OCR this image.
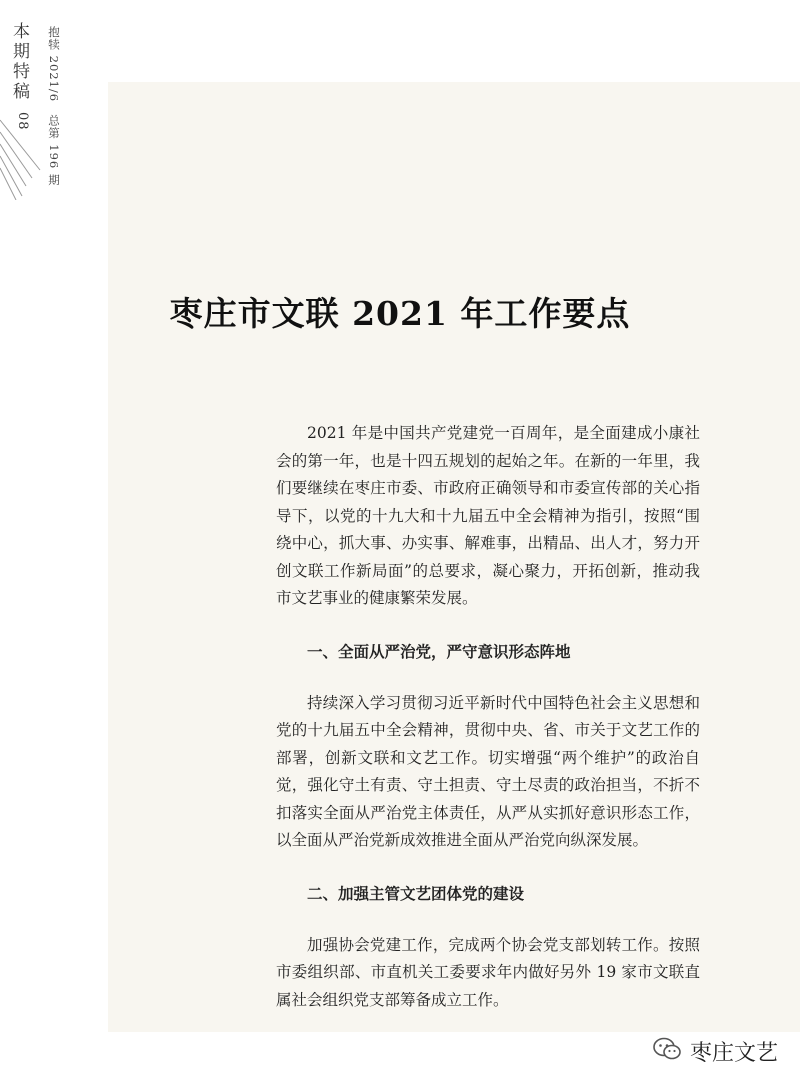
本期特稿
08	抱犊 2021/6　总第 196 期
枣庄市文联 2021 年工作要点

2021 年是中国共产党建党一百周年，是全面建成小康社会的第一年，也是十四五规划的起始之年。在新的一年里，我们要继续在枣庄市委、市政府正确领导和市委宣传部的关心指导下，以党的十九大和十九届五中全会精神为指引，按照“围绕中心，抓大事、办实事、解难事，出精品、出人才，努力开创文联工作新局面”的总要求，凝心聚力，开拓创新，推动我市文艺事业的健康繁荣发展。

一、全面从严治党，严守意识形态阵地

持续深入学习贯彻习近平新时代中国特色社会主义思想和党的十九届五中全会精神，贯彻中央、省、市关于文艺工作的部署，创新文联和文艺工作。切实增强“两个维护”的政治自觉，强化守土有责、守土担责、守土尽责的政治担当，不折不扣落实全面从严治党主体责任，从严从实抓好意识形态工作，以全面从严治党新成效推进全面从严治党向纵深发展。

二、加强主管文艺团体党的建设

加强协会党建工作，完成两个协会党支部划转工作。按照市委组织部、市直机关工委要求年内做好另外 19 家市文联直属社会组织党支部筹备成立工作。

枣庄文艺
